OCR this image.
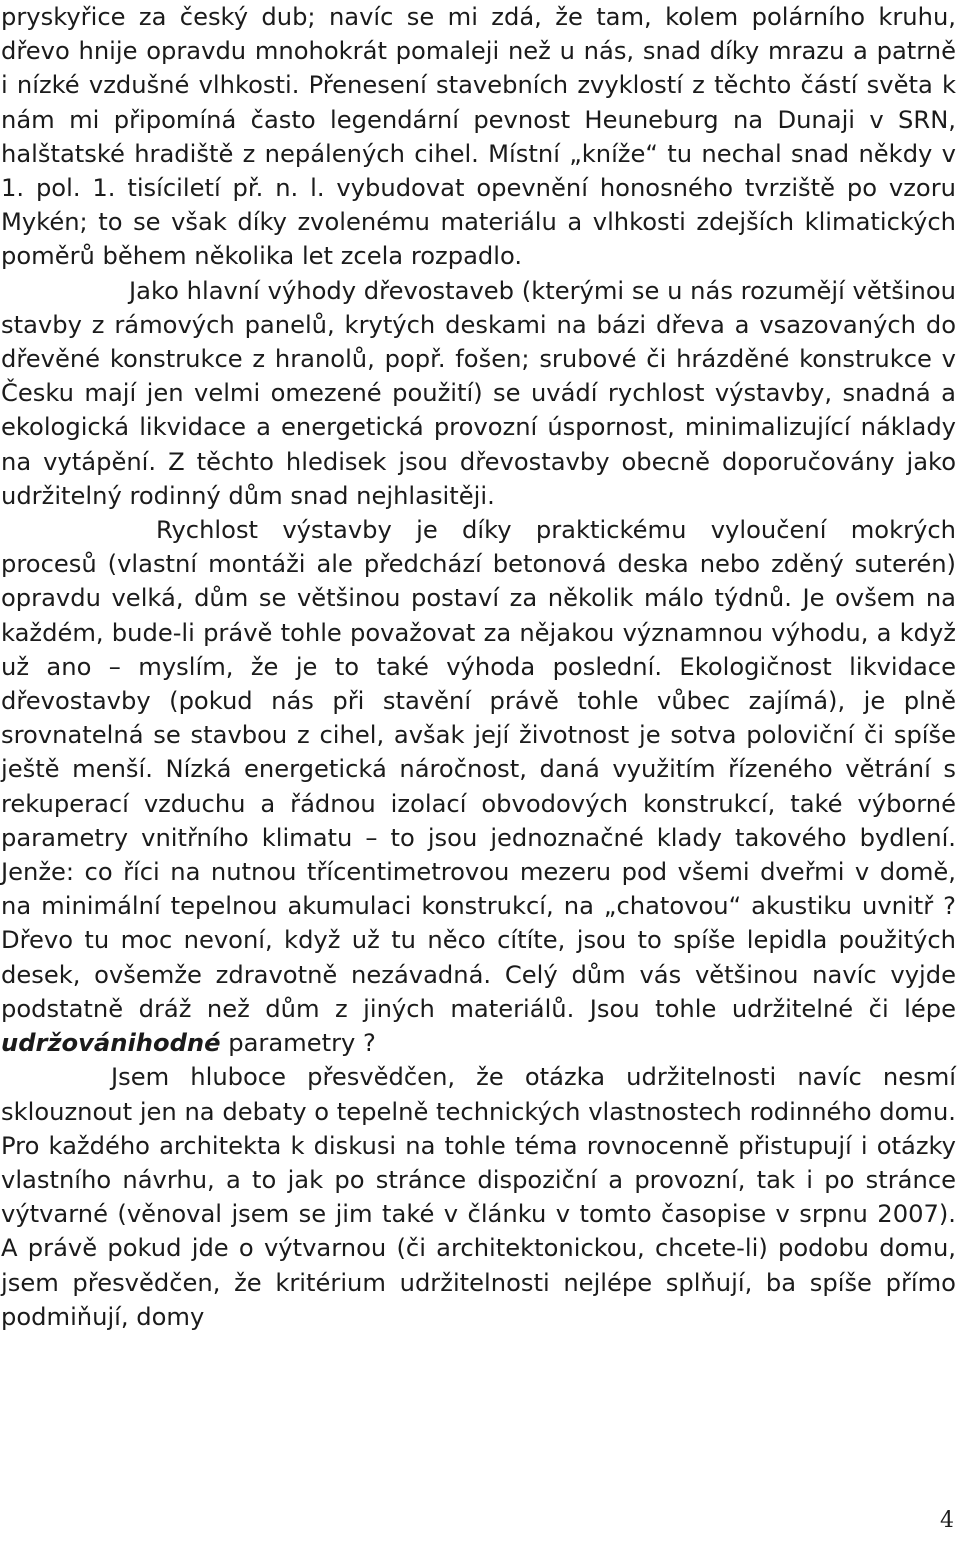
pryskyřice za český dub; navíc se mi zdá, že tam, kolem polárního kruhu, dřevo hnije opravdu mnohokrát pomaleji než u nás, snad díky mrazu a patrně i nízké vzdušné vlhkosti. Přenesení stavebních zvyklostí z těchto částí světa k nám mi připomíná často legendární pevnost Heuneburg na Dunaji v SRN, halštatské hradiště z nepálených cihel. Místní „kníže“ tu nechal snad někdy v 1. pol. 1. tisíciletí př. n. l. vybudovat opevnění honosného tvrziště po vzoru Mykén; to se však díky zvolenému materiálu a vlhkosti zdejších klimatických poměrů během několika let zcela rozpadlo.

Jako hlavní výhody dřevostaveb (kterými se u nás rozumějí většinou stavby z rámových panelů, krytých deskami na bázi dřeva a vsazovaných do dřevěné konstrukce z hranolů, popř. fošen; srubové či hrázděné konstrukce v Česku mají jen velmi omezené použití) se uvádí rychlost výstavby, snadná a ekologická likvidace a energetická provozní úspornost, minimalizující náklady na vytápění. Z těchto hledisek jsou dřevostavby obecně doporučovány jako udržitelný rodinný dům snad nejhlasitěji.

Rychlost výstavby je díky praktickému vyloučení mokrých procesů (vlastní montáži ale předchází betonová deska nebo zděný suterén) opravdu velká, dům se většinou postaví za několik málo týdnů. Je ovšem na každém, bude-li právě tohle považovat za nějakou významnou výhodu, a když už ano – myslím, že je to také výhoda poslední. Ekologičnost likvidace dřevostavby (pokud nás při stavění právě tohle vůbec zajímá), je plně srovnatelná se stavbou z cihel, avšak její životnost je sotva poloviční či spíše ještě menší. Nízká energetická náročnost, daná využitím řízeného větrání s rekuperací vzduchu a řádnou izolací obvodových konstrukcí, také výborné parametry vnitřního klimatu – to jsou jednoznačné klady takového bydlení. Jenže: co říci na nutnou třícentimetrovou mezeru pod všemi dveřmi v domě, na minimální tepelnou akumulaci konstrukcí, na „chatovou“ akustiku uvnitř ? Dřevo tu moc nevoní, když už tu něco cítíte, jsou to spíše lepidla použitých desek, ovšemže zdravotně nezávadná. Celý dům vás většinou navíc vyjde podstatně dráž než dům z jiných materiálů. Jsou tohle udržitelné či lépe udržovánihodné parametry ?

Jsem hluboce přesvědčen, že otázka udržitelnosti navíc nesmí sklouznout jen na debaty o tepelně technických vlastnostech rodinného domu. Pro každého architekta k diskusi na tohle téma rovnocenně přistupují i otázky vlastního návrhu, a to jak po stránce dispoziční a provozní, tak i po stránce výtvarné (věnoval jsem se jim také v článku v tomto časopise v srpnu 2007). A právě pokud jde o výtvarnou (či architektonickou, chcete-li) podobu domu, jsem přesvědčen, že kritérium udržitelnosti nejlépe splňují, ba spíše přímo podmiňují, domy

4
